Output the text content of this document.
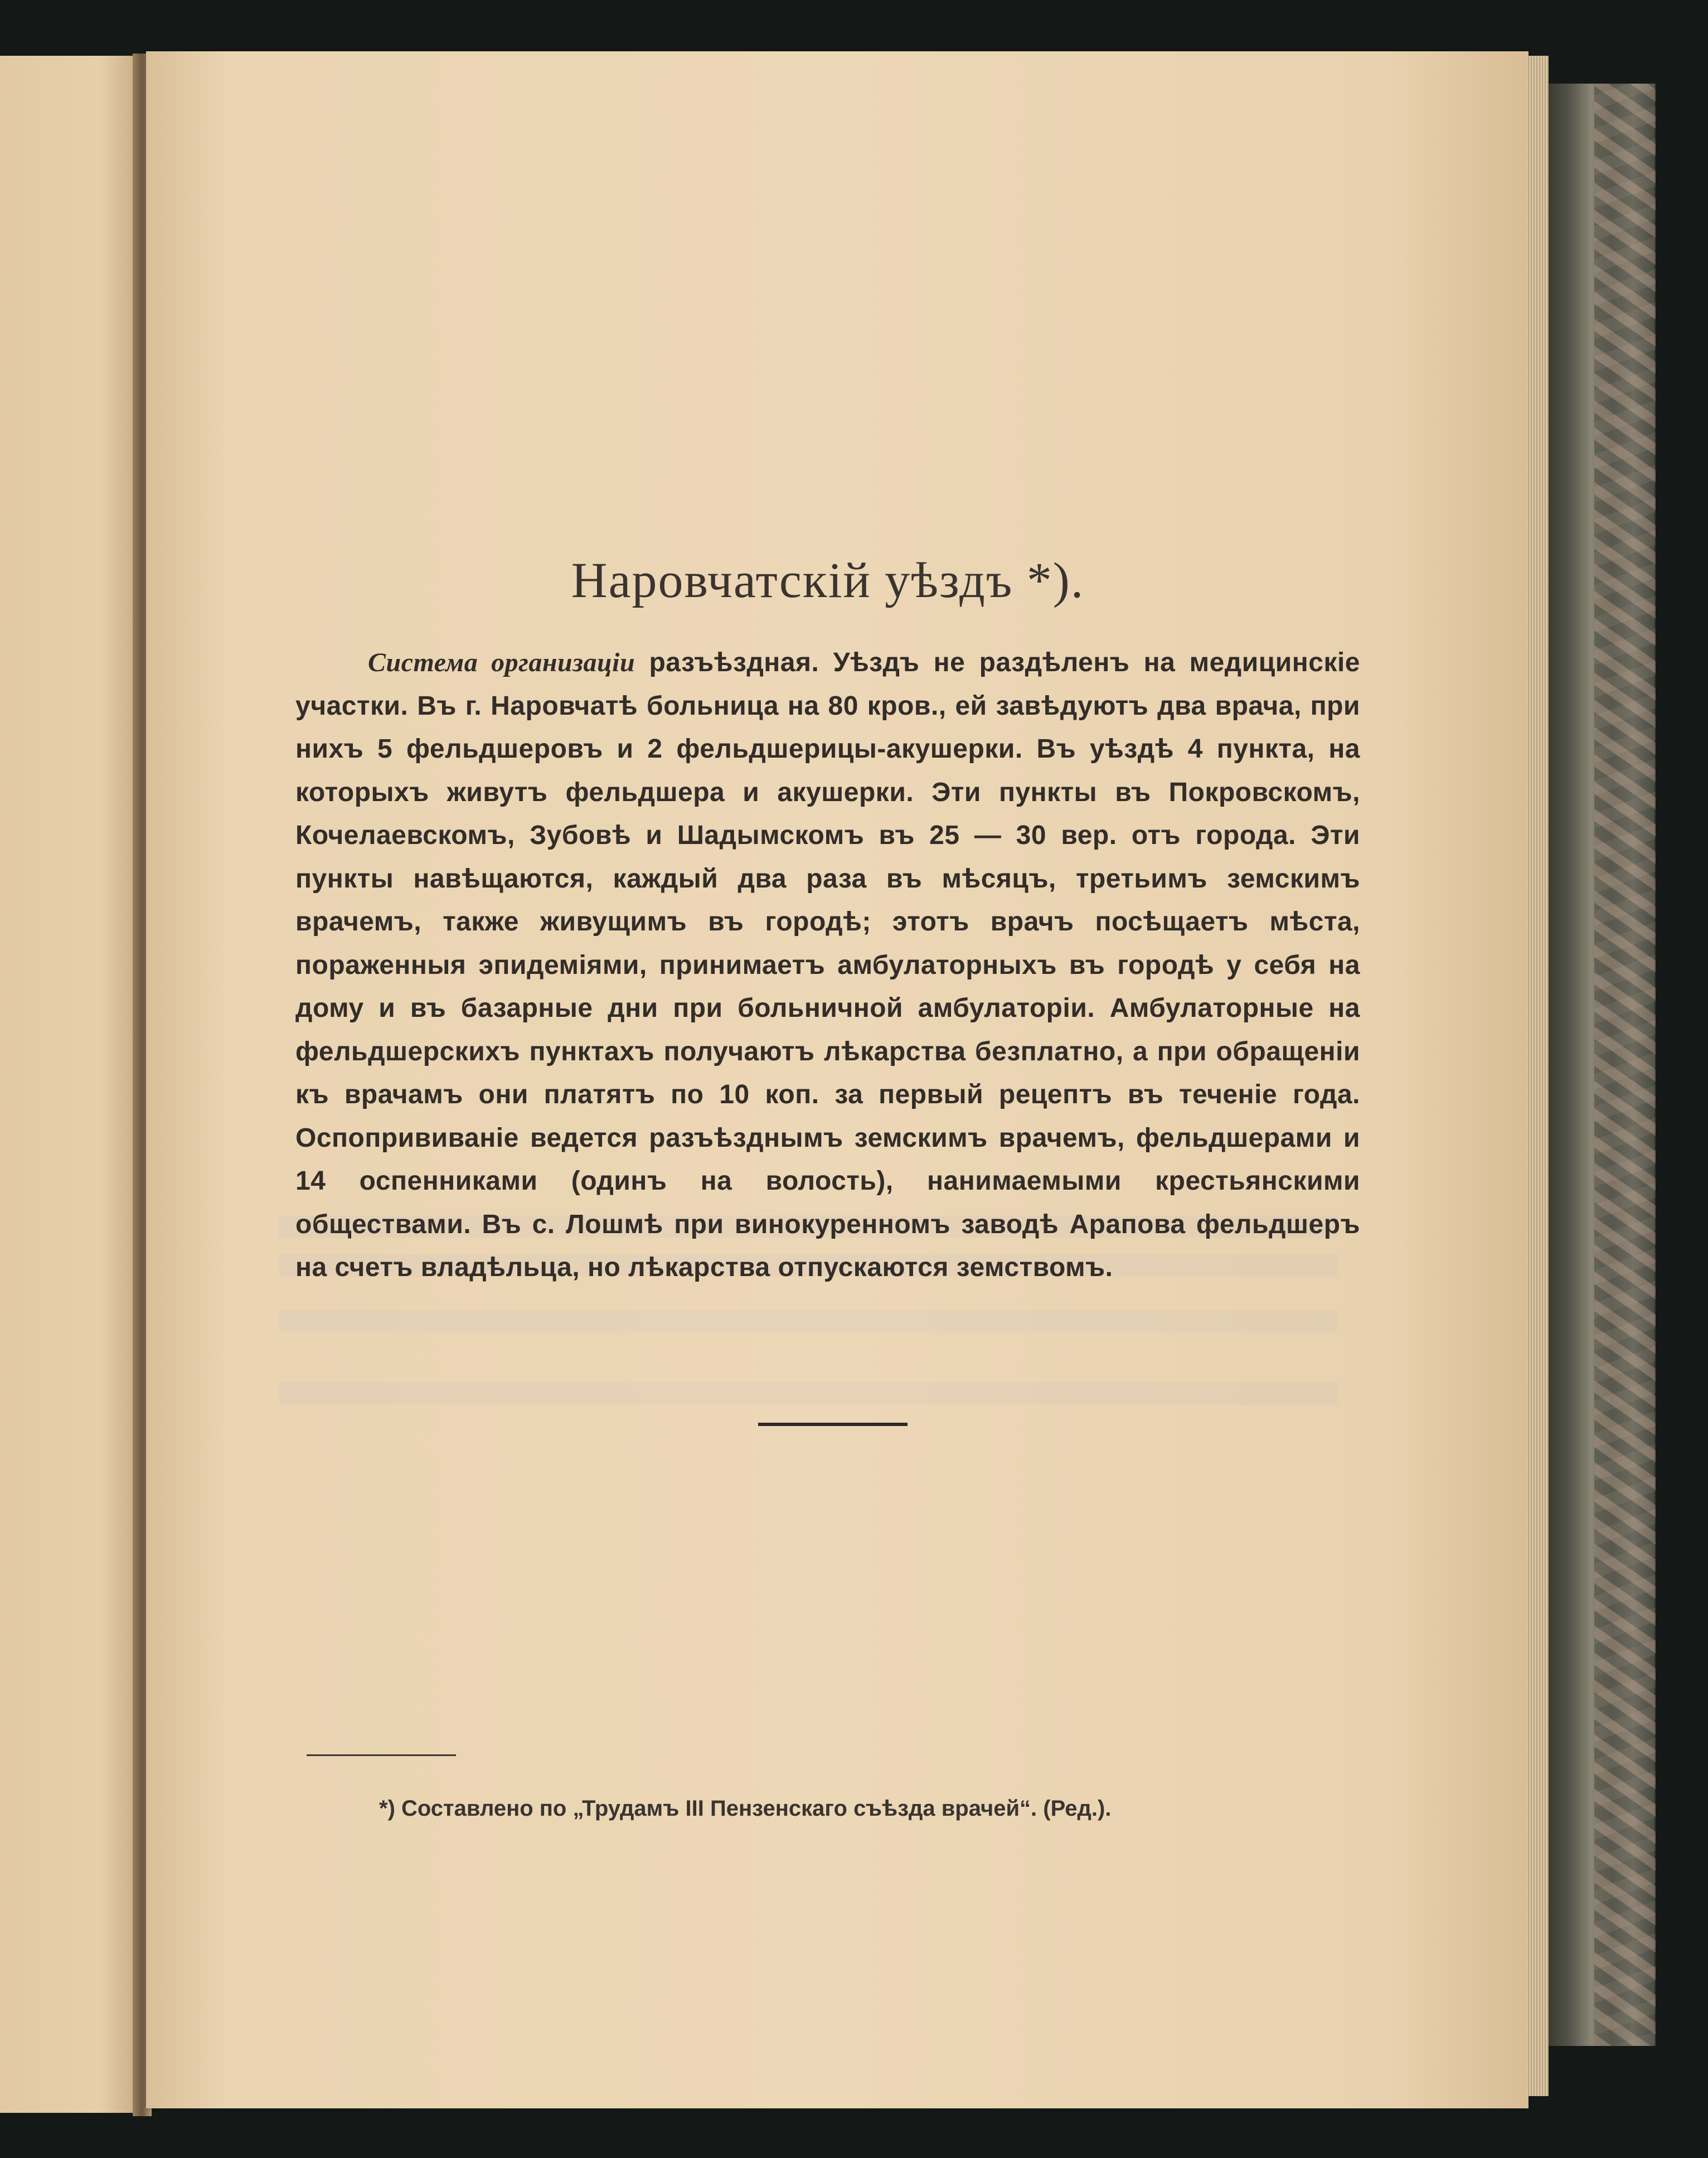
Наровчатскій уѣздъ *).

Система организаціи разъѣздная. Уѣздъ не раздѣленъ на медицинскіе участки. Въ г. Наровчатѣ больница на 80 кров., ей завѣдуютъ два врача, при нихъ 5 фельдшеровъ и 2 фельдшерицы-акушерки. Въ уѣздѣ 4 пункта, на которыхъ живутъ фельдшера и акушерки. Эти пункты въ Покровскомъ, Кочелаевскомъ, Зубовѣ и Шадымскомъ въ 25 — 30 вер. отъ города. Эти пункты навѣщаются, каждый два раза въ мѣсяцъ, третьимъ земскимъ врачемъ, также живущимъ въ городѣ; этотъ врачъ посѣщаетъ мѣста, пораженныя эпидеміями, принимаетъ амбулаторныхъ въ городѣ у себя на дому и въ базарные дни при больничной амбулаторіи. Амбулаторные на фельдшерскихъ пунктахъ получаютъ лѣкарства безплатно, а при обращеніи къ врачамъ они платятъ по 10 коп. за первый рецептъ въ теченіе года. Оспопрививаніе ведется разъѣзднымъ земскимъ врачемъ, фельдшерами и 14 оспенниками (одинъ на волость), нанимаемыми крестьянскими обществами. Въ с. Лошмѣ при винокуренномъ заводѣ Арапова фельдшеръ на счетъ владѣльца, но лѣкарства отпускаются земствомъ.

*) Составлено по „Трудамъ III Пензенскаго съѣзда врачей“. (Ред.).
